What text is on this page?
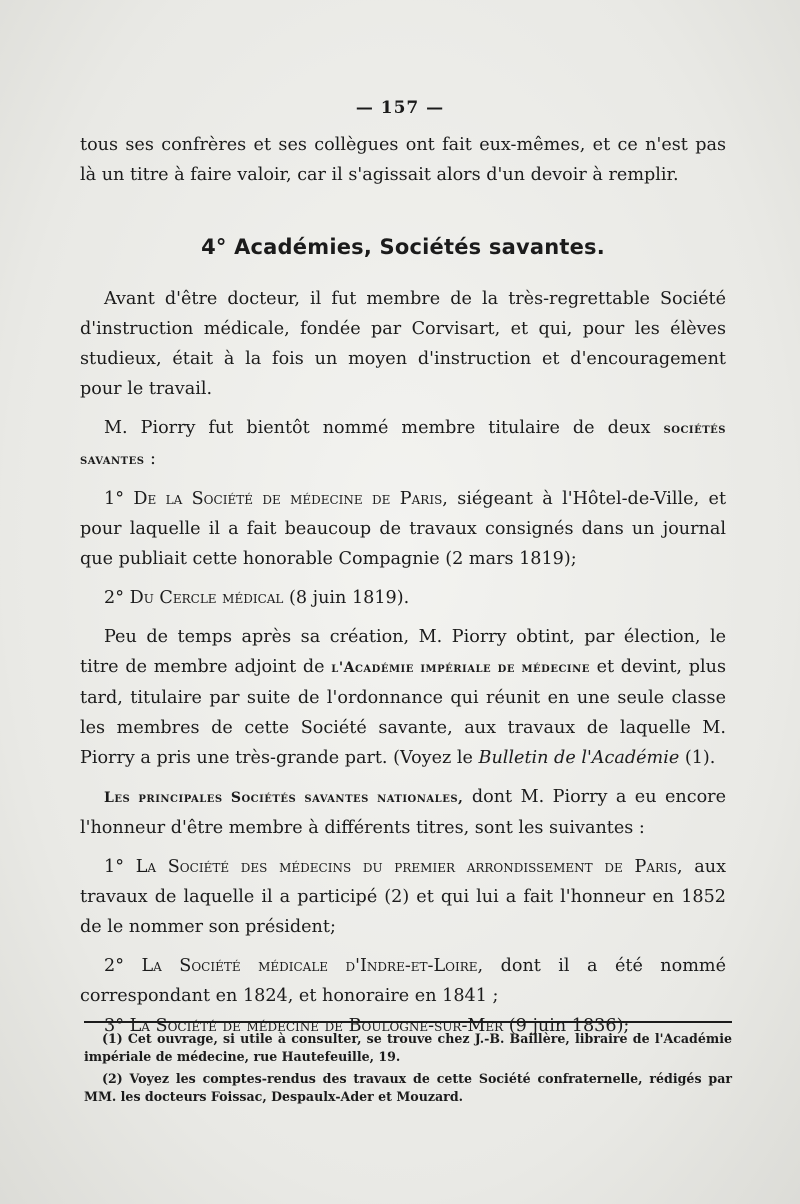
— 157 —

tous ses confrères et ses collègues ont fait eux-mêmes, et ce n'est pas là un titre à faire valoir, car il s'agissait alors d'un devoir à remplir.

4° Académies, Sociétés savantes.

Avant d'être docteur, il fut membre de la très-regrettable Société d'instruction médicale, fondée par Corvisart, et qui, pour les élèves studieux, était à la fois un moyen d'instruction et d'encouragement pour le travail.

M. Piorry fut bientôt nommé membre titulaire de deux sociétés savantes :

1° De la Société de médecine de Paris, siégeant à l'Hôtel-de-Ville, et pour laquelle il a fait beaucoup de travaux consignés dans un journal que publiait cette honorable Compagnie (2 mars 1819);

2° Du Cercle médical (8 juin 1819).

Peu de temps après sa création, M. Piorry obtint, par élection, le titre de membre adjoint de l'Académie impériale de médecine et devint, plus tard, titulaire par suite de l'ordonnance qui réunit en une seule classe les membres de cette Société savante, aux travaux de laquelle M. Piorry a pris une très-grande part. (Voyez le Bulletin de l'Académie (1).

Les principales Sociétés savantes nationales, dont M. Piorry a eu encore l'honneur d'être membre à différents titres, sont les suivantes :

1° La Société des médecins du premier arrondissement de Paris, aux travaux de laquelle il a participé (2) et qui lui a fait l'honneur en 1852 de le nommer son président;

2° La Société médicale d'Indre-et-Loire, dont il a été nommé correspondant en 1824, et honoraire en 1841 ;

3° La Société de médecine de Boulogne-sur-Mer (9 juin 1836);

(1) Cet ouvrage, si utile à consulter, se trouve chez J.-B. Baillère, libraire de l'Académie impériale de médecine, rue Hautefeuille, 19.

(2) Voyez les comptes-rendus des travaux de cette Société confraternelle, rédigés par MM. les docteurs Foissac, Despaulx-Ader et Mouzard.
